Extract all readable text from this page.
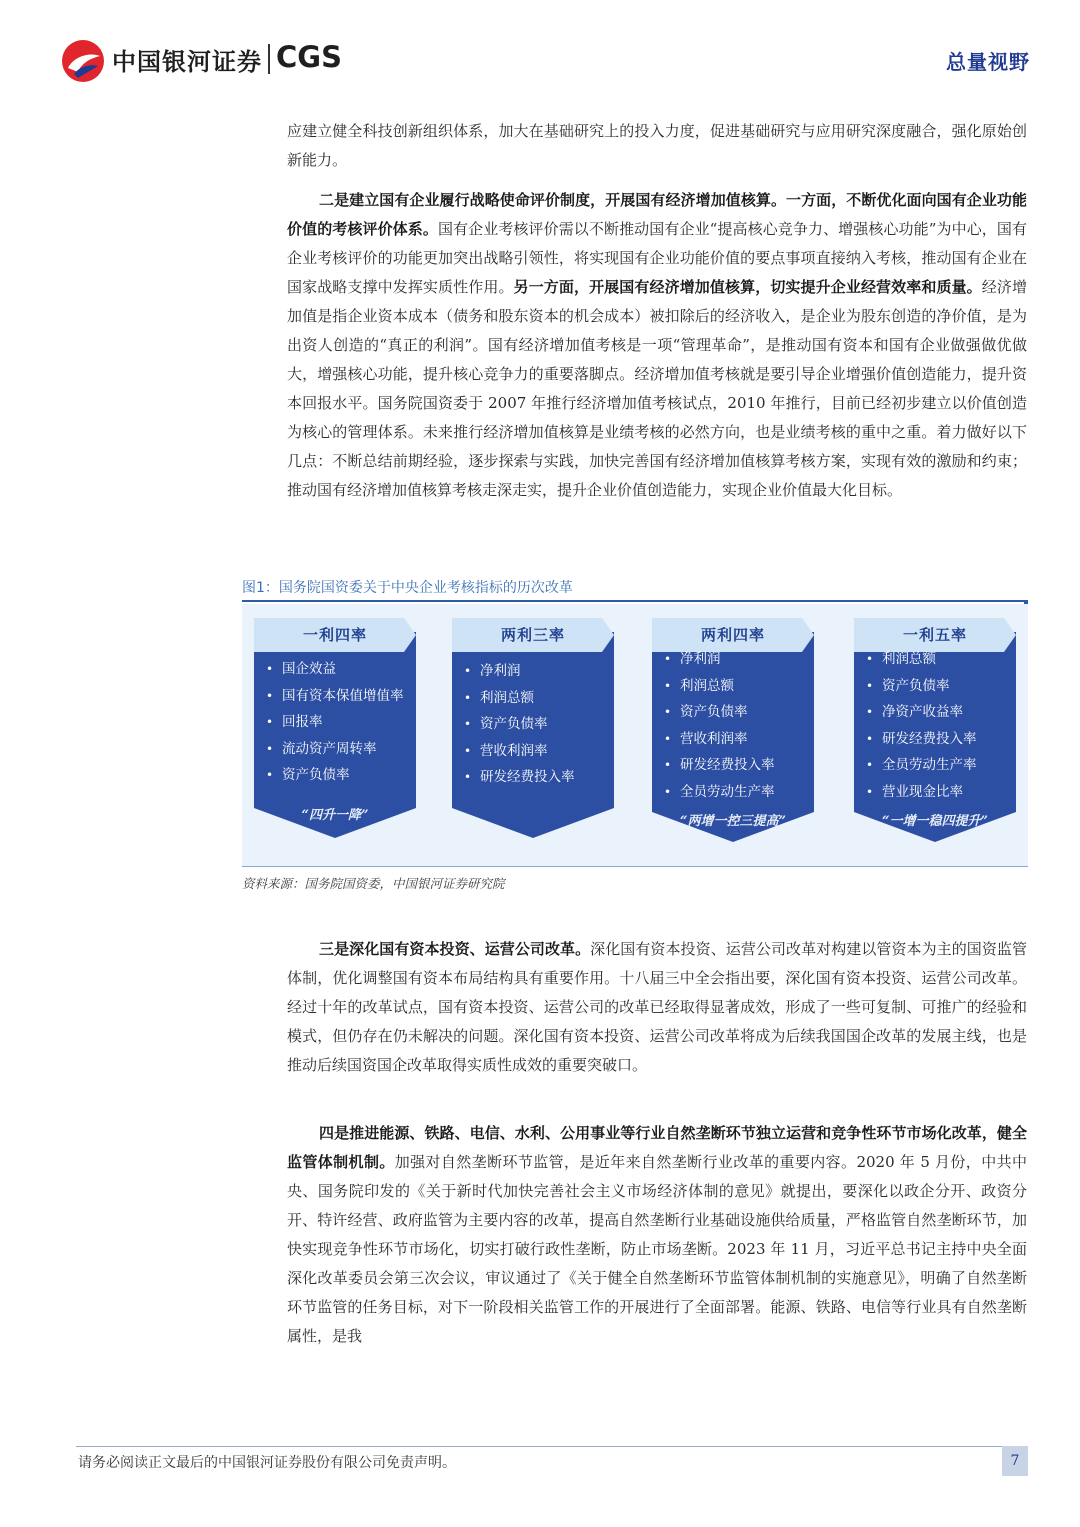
中国银河证券 CGS	总量视野

应建立健全科技创新组织体系，加大在基础研究上的投入力度，促进基础研究与应用研究深度融合，强化原始创新能力。

二是建立国有企业履行战略使命评价制度，开展国有经济增加值核算。一方面，不断优化面向国有企业功能价值的考核评价体系。国有企业考核评价需以不断推动国有企业“提高核心竞争力、增强核心功能”为中心，国有企业考核评价的功能更加突出战略引领性，将实现国有企业功能价值的要点事项直接纳入考核，推动国有企业在国家战略支撑中发挥实质性作用。另一方面，开展国有经济增加值核算，切实提升企业经营效率和质量。经济增加值是指企业资本成本（债务和股东资本的机会成本）被扣除后的经济收入，是企业为股东创造的净价值，是为出资人创造的“真正的利润”。国有经济增加值考核是一项“管理革命”，是推动国有资本和国有企业做强做优做大，增强核心功能，提升核心竞争力的重要落脚点。经济增加值考核就是要引导企业增强价值创造能力，提升资本回报水平。国务院国资委于 2007 年推行经济增加值考核试点，2010 年推行，目前已经初步建立以价值创造为核心的管理体系。未来推行经济增加值核算是业绩考核的必然方向，也是业绩考核的重中之重。着力做好以下几点：不断总结前期经验，逐步探索与实践，加快完善国有经济增加值核算考核方案，实现有效的激励和约束；推动国有经济增加值核算考核走深走实，提升企业价值创造能力，实现企业价值最大化目标。

图1：国务院国资委关于中央企业考核指标的历次改革
一利四率
• 国企效益
• 国有资本保值增值率
• 回报率
• 流动资产周转率
• 资产负债率
“四升一降”
两利三率
• 净利润
• 利润总额
• 资产负债率
• 营收利润率
• 研发经费投入率
两利四率
• 净利润
• 利润总额
• 资产负债率
• 营收利润率
• 研发经费投入率
• 全员劳动生产率
“两增一控三提高”
一利五率
• 利润总额
• 资产负债率
• 净资产收益率
• 研发经费投入率
• 全员劳动生产率
• 营业现金比率
“一增一稳四提升”
资料来源：国务院国资委，中国银河证券研究院

三是深化国有资本投资、运营公司改革。深化国有资本投资、运营公司改革对构建以管资本为主的国资监管体制，优化调整国有资本布局结构具有重要作用。十八届三中全会指出要，深化国有资本投资、运营公司改革。经过十年的改革试点，国有资本投资、运营公司的改革已经取得显著成效，形成了一些可复制、可推广的经验和模式，但仍存在仍未解决的问题。深化国有资本投资、运营公司改革将成为后续我国国企改革的发展主线，也是推动后续国资国企改革取得实质性成效的重要突破口。

四是推进能源、铁路、电信、水利、公用事业等行业自然垄断环节独立运营和竞争性环节市场化改革，健全监管体制机制。加强对自然垄断环节监管，是近年来自然垄断行业改革的重要内容。2020 年 5 月份，中共中央、国务院印发的《关于新时代加快完善社会主义市场经济体制的意见》就提出，要深化以政企分开、政资分开、特许经营、政府监管为主要内容的改革，提高自然垄断行业基础设施供给质量，严格监管自然垄断环节，加快实现竞争性环节市场化，切实打破行政性垄断，防止市场垄断。2023 年 11 月，习近平总书记主持中央全面深化改革委员会第三次会议，审议通过了《关于健全自然垄断环节监管体制机制的实施意见》，明确了自然垄断环节监管的任务目标，对下一阶段相关监管工作的开展进行了全面部署。能源、铁路、电信等行业具有自然垄断属性，是我

请务必阅读正文最后的中国银河证券股份有限公司免责声明。	7
